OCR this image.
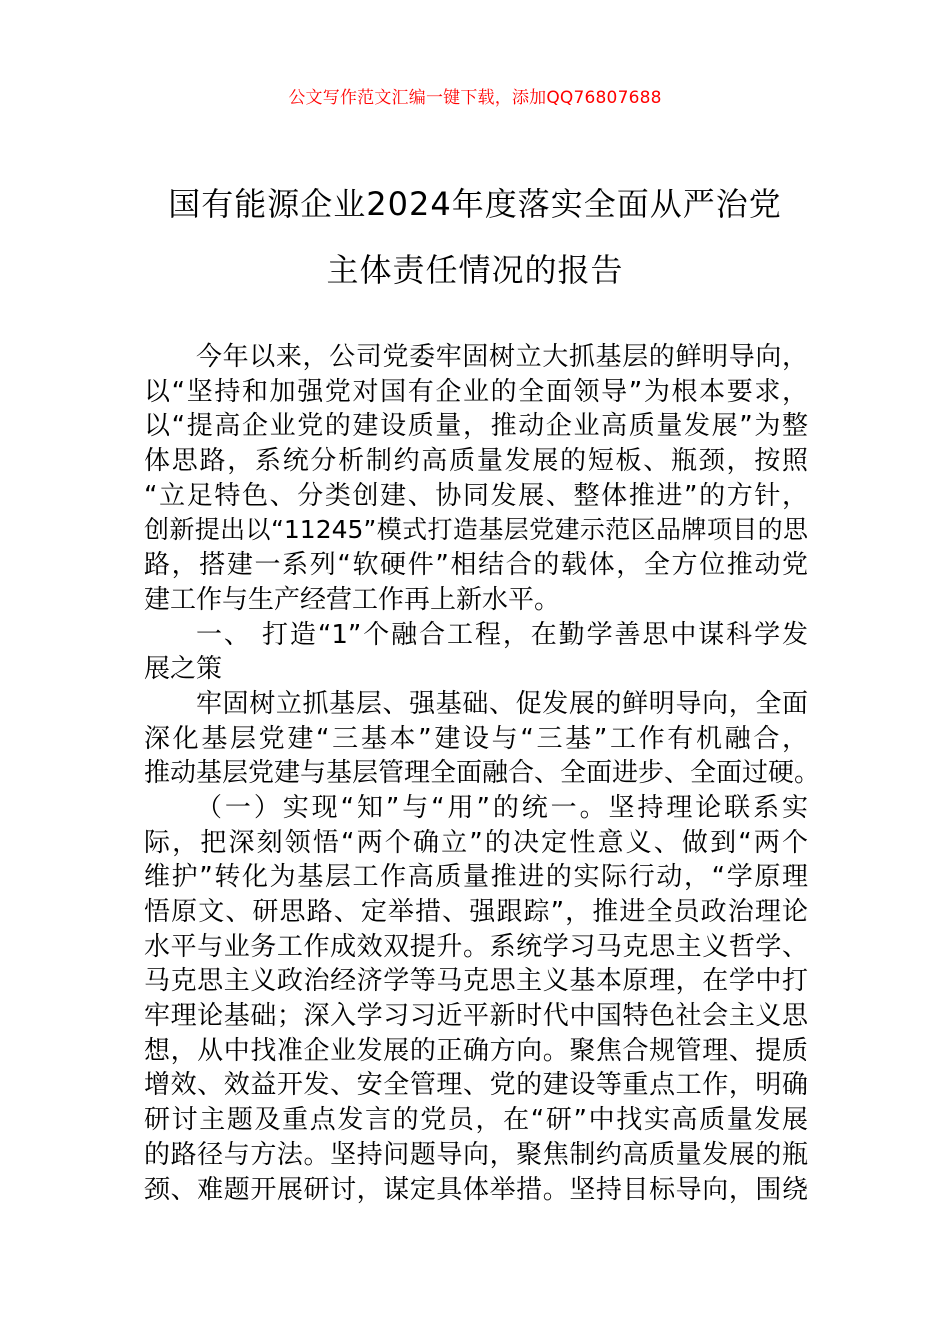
公文写作范文汇编一键下载，添加QQ76807688
国有能源企业2024年度落实全面从严治党
主体责任情况的报告
今年以来，公司党委牢固树立大抓基层的鲜明导向，
以“坚持和加强党对国有企业的全面领导”为根本要求，
以“提高企业党的建设质量，推动企业高质量发展”为整
体思路，系统分析制约高质量发展的短板、瓶颈，按照
“立足特色、分类创建、协同发展、整体推进”的方针，
创新提出以“11245”模式打造基层党建示范区品牌项目的思
路，搭建一系列“软硬件”相结合的载体，全方位推动党
建工作与生产经营工作再上新水平。
一、 打造“1”个融合工程，在勤学善思中谋科学发
展之策
牢固树立抓基层、强基础、促发展的鲜明导向，全面
深化基层党建“三基本”建设与“三基”工作有机融合，
推动基层党建与基层管理全面融合、全面进步、全面过硬。
（一）实现“知”与“用”的统一。坚持理论联系实
际，把深刻领悟“两个确立”的决定性意义、做到“两个
维护”转化为基层工作高质量推进的实际行动，“学原理
悟原文、研思路、定举措、强跟踪”，推进全员政治理论
水平与业务工作成效双提升。系统学习马克思主义哲学、
马克思主义政治经济学等马克思主义基本原理，在学中打
牢理论基础；深入学习习近平新时代中国特色社会主义思
想，从中找准企业发展的正确方向。聚焦合规管理、提质
增效、效益开发、安全管理、党的建设等重点工作，明确
研讨主题及重点发言的党员，在“研”中找实高质量发展
的路径与方法。坚持问题导向，聚焦制约高质量发展的瓶
颈、难题开展研讨，谋定具体举措。坚持目标导向，围绕
